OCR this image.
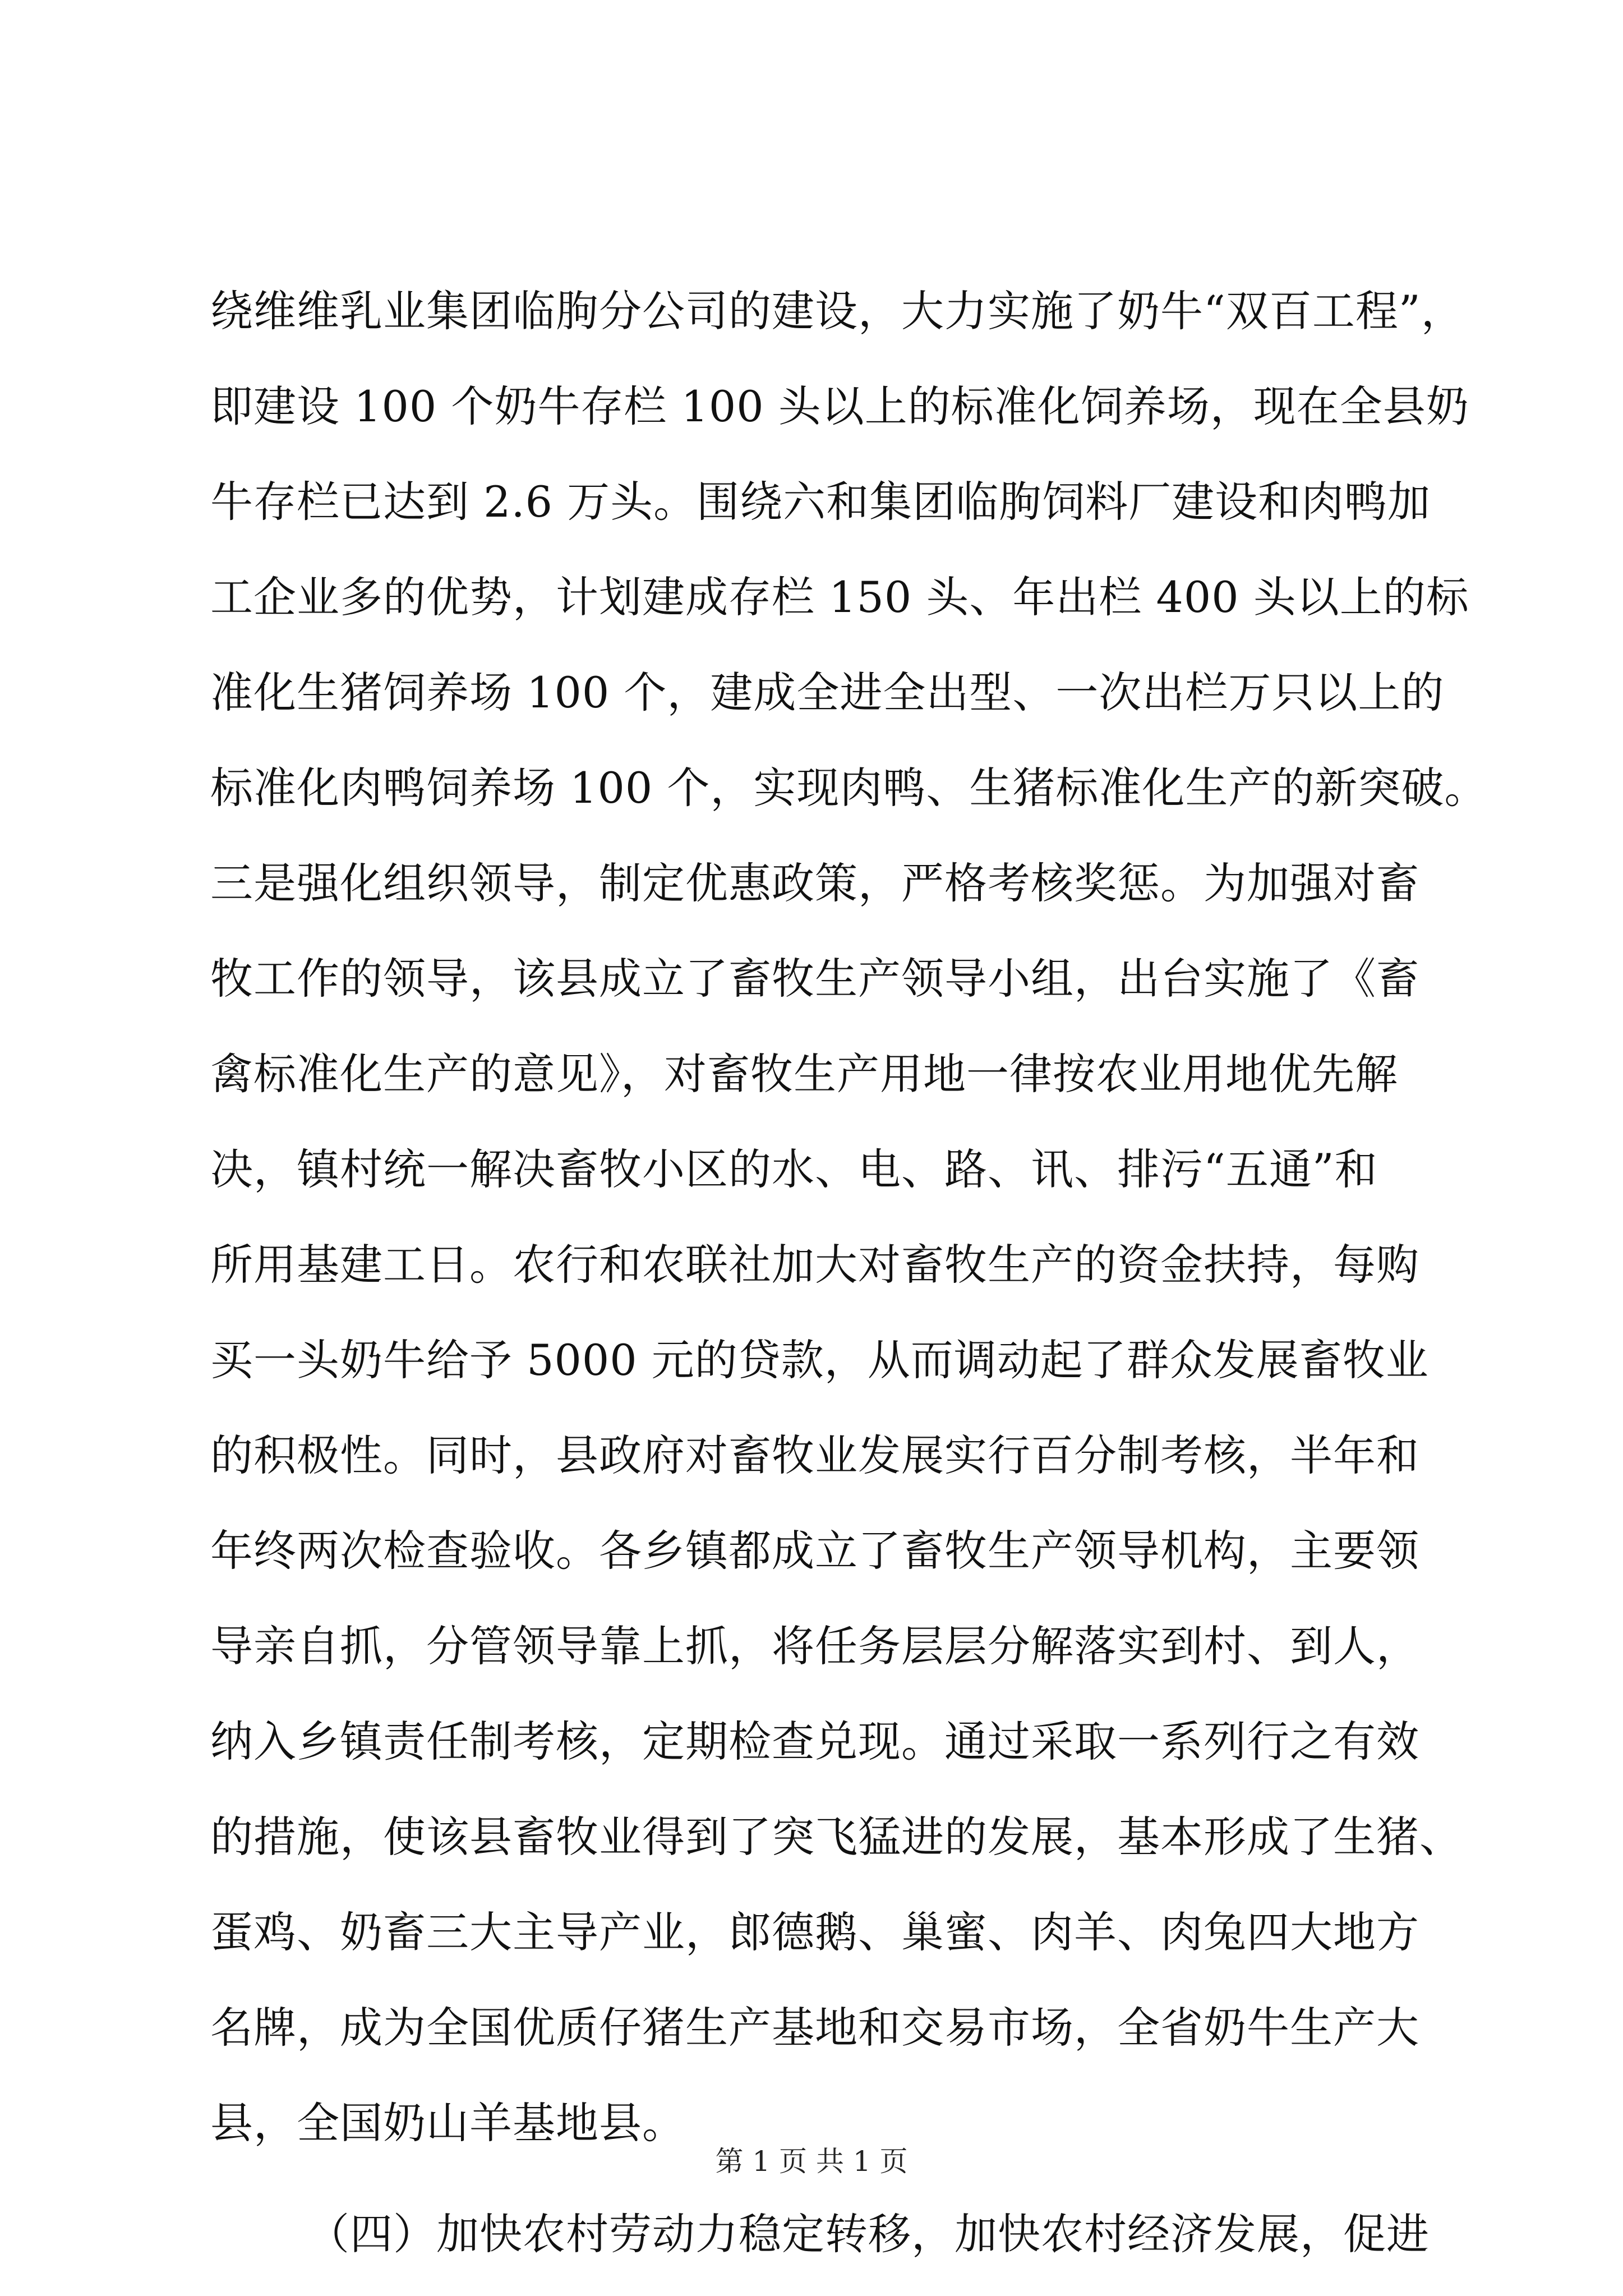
绕维维乳业集团临朐分公司的建设，大力实施了奶牛“双百工程”，
即建设 100 个奶牛存栏 100 头以上的标准化饲养场，现在全县奶
牛存栏已达到 2.6 万头。围绕六和集团临朐饲料厂建设和肉鸭加
工企业多的优势，计划建成存栏 150 头、年出栏 400 头以上的标
准化生猪饲养场 100 个，建成全进全出型、一次出栏万只以上的
标准化肉鸭饲养场 100 个，实现肉鸭、生猪标准化生产的新突破。
三是强化组织领导，制定优惠政策，严格考核奖惩。为加强对畜
牧工作的领导，该县成立了畜牧生产领导小组，出台实施了《畜
禽标准化生产的意见》，对畜牧生产用地一律按农业用地优先解
决，镇村统一解决畜牧小区的水、电、路、讯、排污“五通”和
所用基建工日。农行和农联社加大对畜牧生产的资金扶持，每购
买一头奶牛给予 5000 元的贷款，从而调动起了群众发展畜牧业
的积极性。同时，县政府对畜牧业发展实行百分制考核，半年和
年终两次检查验收。各乡镇都成立了畜牧生产领导机构，主要领
导亲自抓，分管领导靠上抓，将任务层层分解落实到村、到人，
纳入乡镇责任制考核，定期检查兑现。通过采取一系列行之有效
的措施，使该县畜牧业得到了突飞猛进的发展，基本形成了生猪、
蛋鸡、奶畜三大主导产业，郎德鹅、巢蜜、肉羊、肉兔四大地方
名牌，成为全国优质仔猪生产基地和交易市场，全省奶牛生产大
县，全国奶山羊基地县。
（四）加快农村劳动力稳定转移，加快农村经济发展，促进
第 1 页 共 1 页
